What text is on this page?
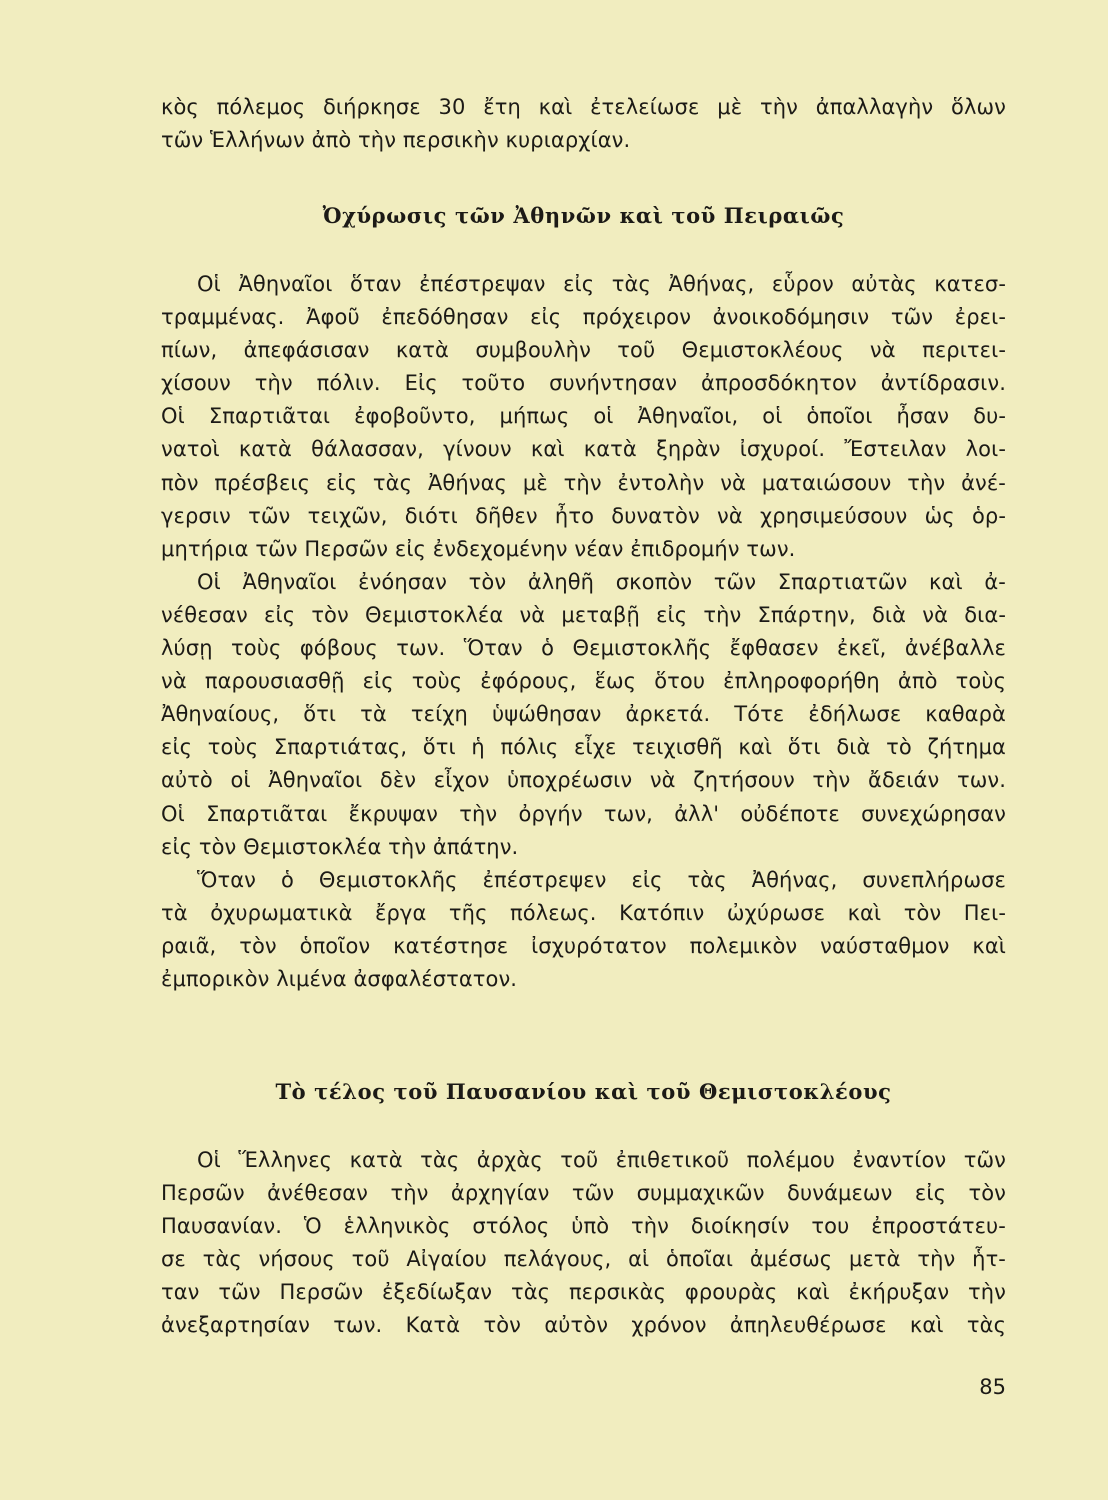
κὸς πόλεμος διήρκησε 30 ἔτη καὶ ἐτελείωσε μὲ τὴν ἀπαλλαγὴν ὅλων
τῶν Ἑλλήνων ἀπὸ τὴν περσικὴν κυριαρχίαν.
Ὀχύρωσις τῶν Ἀθηνῶν καὶ τοῦ Πειραιῶς
Οἱ Ἀθηναῖοι ὅταν ἐπέστρεψαν εἰς τὰς Ἀθήνας, εὗρον αὐτὰς κατεσ-
τραμμένας. Ἀφοῦ ἐπεδόθησαν εἰς πρόχειρον ἀνοικοδόμησιν τῶν ἐρει-
πίων, ἀπεφάσισαν κατὰ συμβουλὴν τοῦ Θεμιστοκλέους νὰ περιτει-
χίσουν τὴν πόλιν. Εἰς τοῦτο συνήντησαν ἀπροσδόκητον ἀντίδρασιν.
Οἱ Σπαρτιᾶται ἐφοβοῦντο, μήπως οἱ Ἀθηναῖοι, οἱ ὁποῖοι ἦσαν δυ-
νατοὶ κατὰ θάλασσαν, γίνουν καὶ κατὰ ξηρὰν ἰσχυροί. Ἔστειλαν λοι-
πὸν πρέσβεις εἰς τὰς Ἀθήνας μὲ τὴν ἐντολὴν νὰ ματαιώσουν τὴν ἀνέ-
γερσιν τῶν τειχῶν, διότι δῆθεν ἦτο δυνατὸν νὰ χρησιμεύσουν ὡς ὁρ-
μητήρια τῶν Περσῶν εἰς ἐνδεχομένην νέαν ἐπιδρομήν των.
Οἱ Ἀθηναῖοι ἐνόησαν τὸν ἀληθῆ σκοπὸν τῶν Σπαρτιατῶν καὶ ἀ-
νέθεσαν εἰς τὸν Θεμιστοκλέα νὰ μεταβῇ εἰς τὴν Σπάρτην, διὰ νὰ δια-
λύσῃ τοὺς φόβους των. Ὅταν ὁ Θεμιστοκλῆς ἔφθασεν ἐκεῖ, ἀνέβαλλε
νὰ παρουσιασθῇ εἰς τοὺς ἐφόρους, ἕως ὅτου ἐπληροφορήθη ἀπὸ τοὺς
Ἀθηναίους, ὅτι τὰ τείχη ὑψώθησαν ἀρκετά. Τότε ἐδήλωσε καθαρὰ
εἰς τοὺς Σπαρτιάτας, ὅτι ἡ πόλις εἶχε τειχισθῆ καὶ ὅτι διὰ τὸ ζήτημα
αὐτὸ οἱ Ἀθηναῖοι δὲν εἶχον ὑποχρέωσιν νὰ ζητήσουν τὴν ἄδειάν των.
Οἱ Σπαρτιᾶται ἔκρυψαν τὴν ὀργήν των, ἀλλ' οὐδέποτε συνεχώρησαν
εἰς τὸν Θεμιστοκλέα τὴν ἀπάτην.
Ὅταν ὁ Θεμιστοκλῆς ἐπέστρεψεν εἰς τὰς Ἀθήνας, συνεπλήρωσε
τὰ ὀχυρωματικὰ ἔργα τῆς πόλεως. Κατόπιν ὠχύρωσε καὶ τὸν Πει-
ραιᾶ, τὸν ὁποῖον κατέστησε ἰσχυρότατον πολεμικὸν ναύσταθμον καὶ
ἐμπορικὸν λιμένα ἀσφαλέστατον.
Τὸ τέλος τοῦ Παυσανίου καὶ τοῦ Θεμιστοκλέους
Οἱ Ἕλληνες κατὰ τὰς ἀρχὰς τοῦ ἐπιθετικοῦ πολέμου ἐναντίον τῶν
Περσῶν ἀνέθεσαν τὴν ἀρχηγίαν τῶν συμμαχικῶν δυνάμεων εἰς τὸν
Παυσανίαν. Ὁ ἑλληνικὸς στόλος ὑπὸ τὴν διοίκησίν του ἐπροστάτευ-
σε τὰς νήσους τοῦ Αἰγαίου πελάγους, αἱ ὁποῖαι ἀμέσως μετὰ τὴν ἧτ-
ταν τῶν Περσῶν ἐξεδίωξαν τὰς περσικὰς φρουρὰς καὶ ἐκήρυξαν τὴν
ἀνεξαρτησίαν των. Κατὰ τὸν αὐτὸν χρόνον ἀπηλευθέρωσε καὶ τὰς
85
